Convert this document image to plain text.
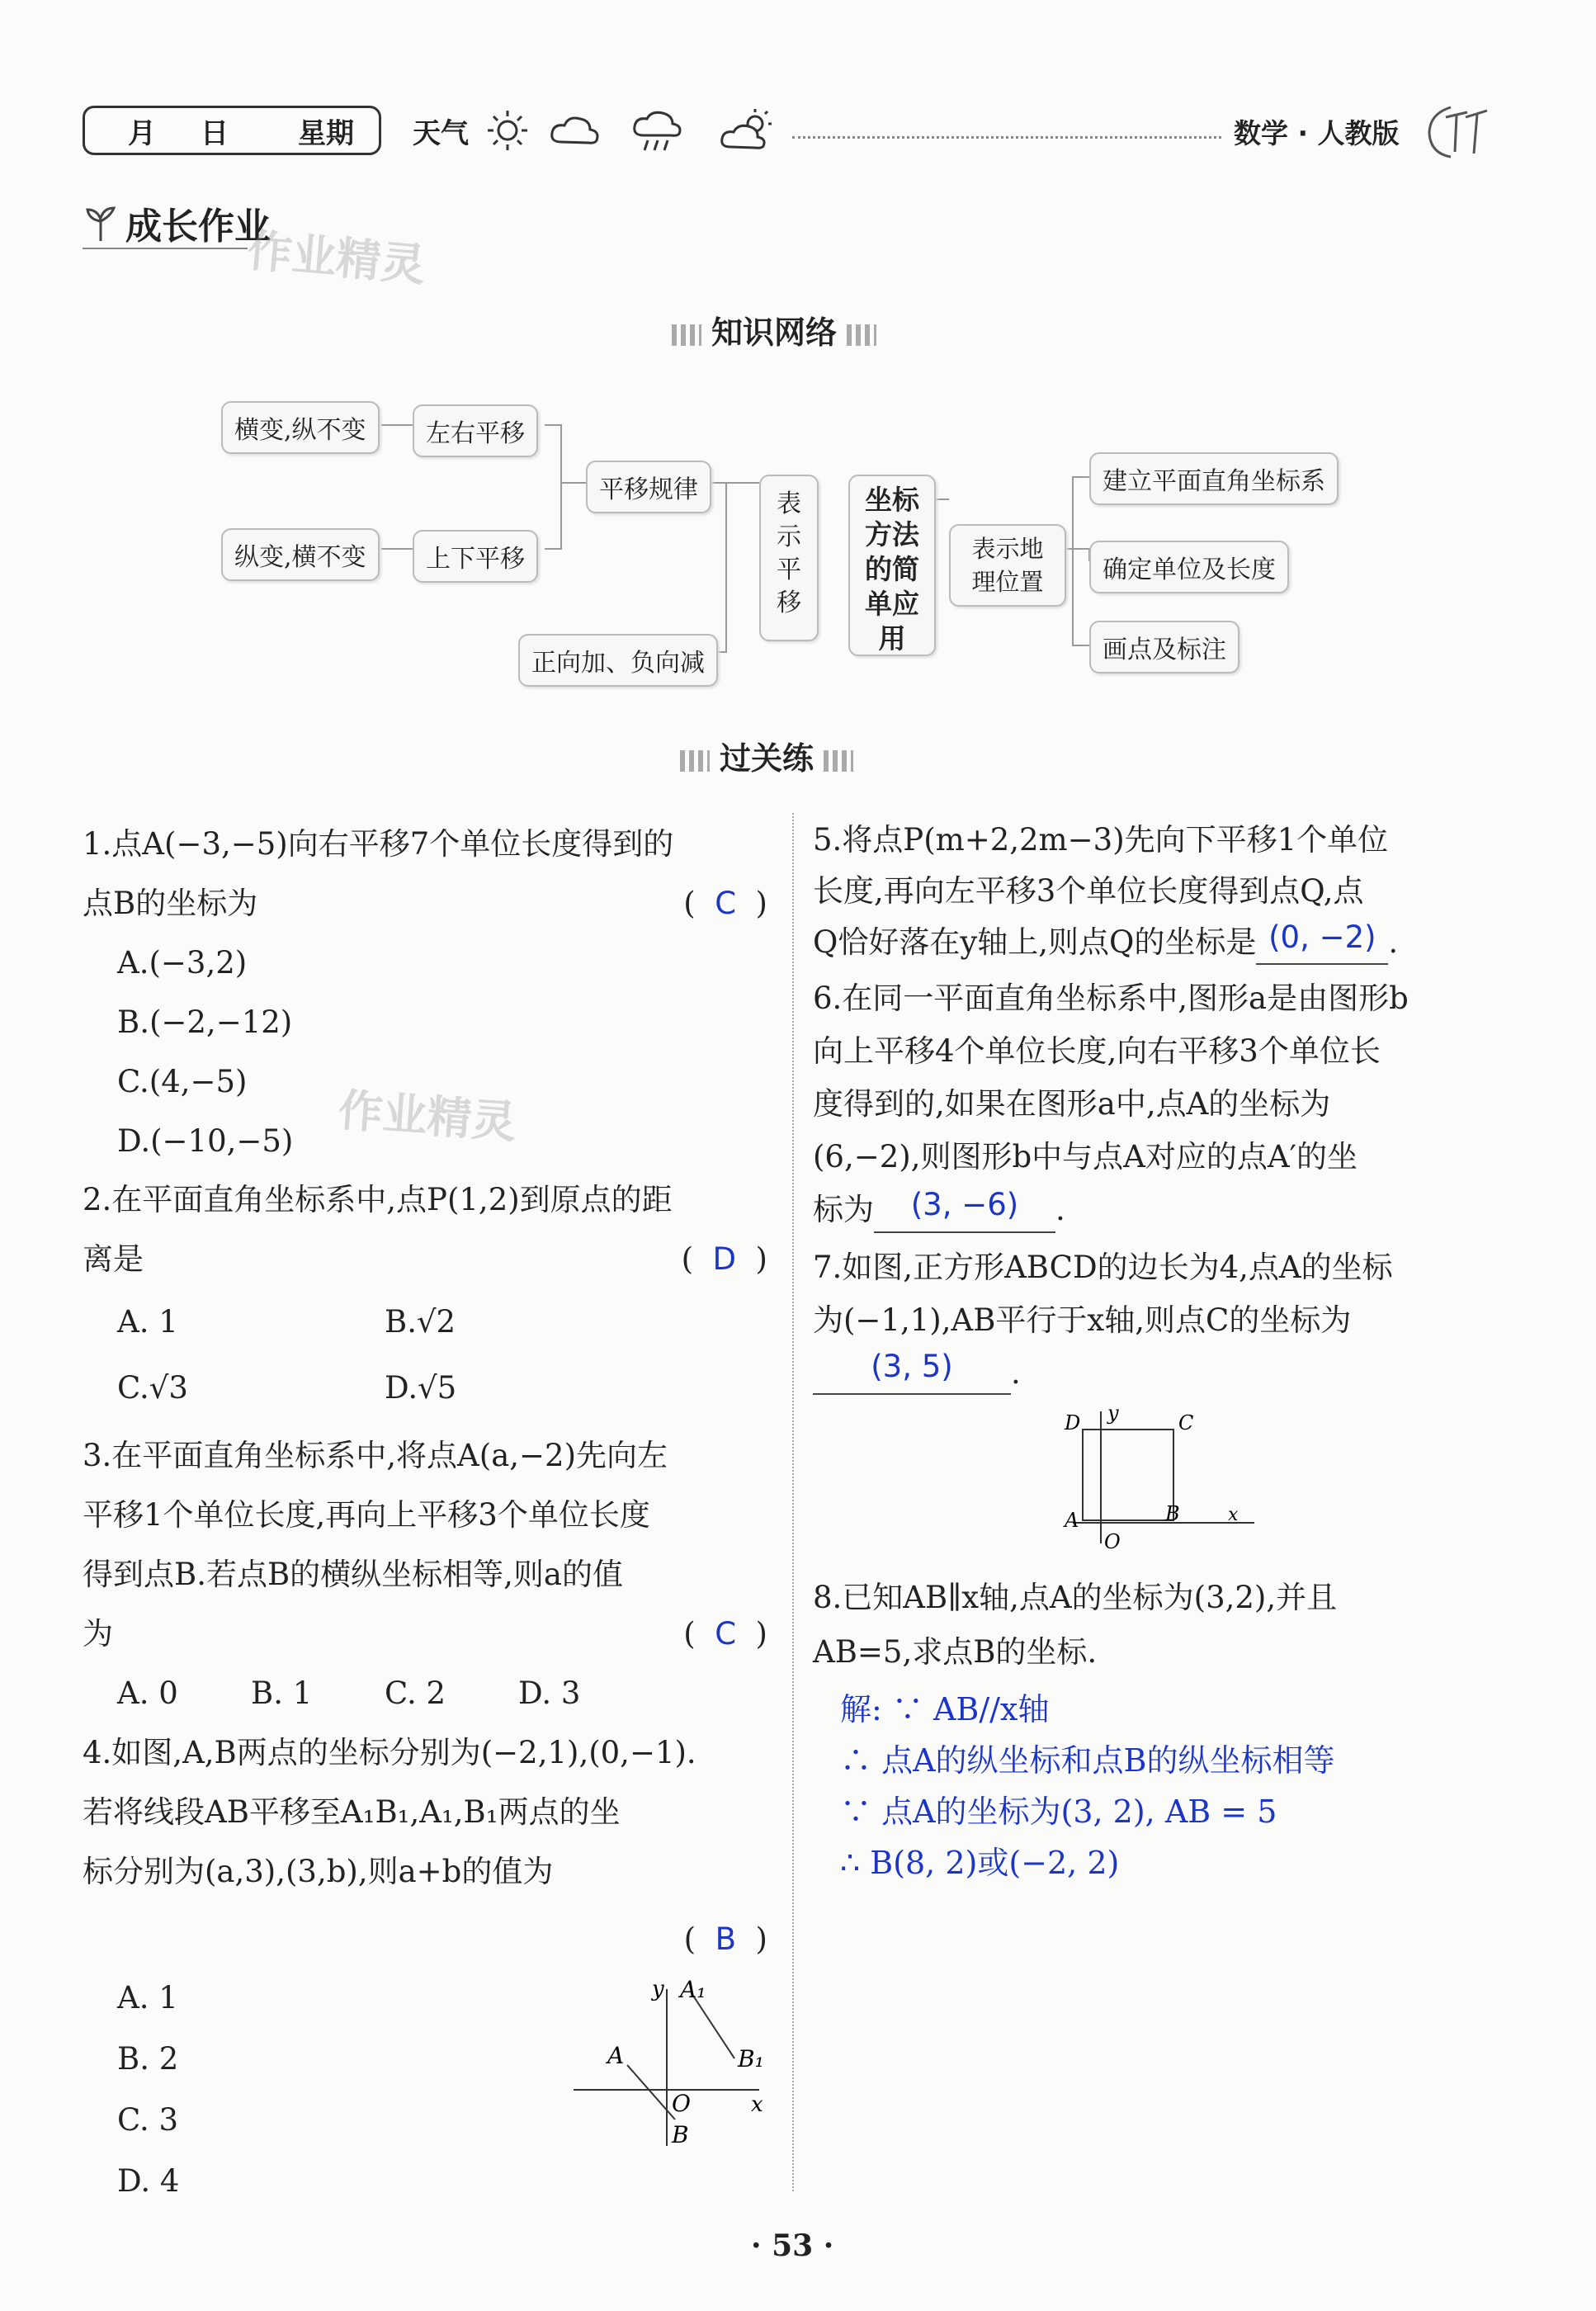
月 日 星期 天气	数学 · 人教版
成长作业
作业精灵
知识网络
横变,纵不变	左右平移
纵变,横不变	上下平移
平移规律
正向加、负向减
表示平移
坐标方法的简单应用
表示地理位置
建立平面直角坐标系
确定单位及长度
画点及标注
过关练
1.点A(−3,−5)向右平移7个单位长度得到的
点B的坐标为	(  C  )
A.(−3,2)
B.(−2,−12)
C.(4,−5)
D.(−10,−5) 作业精灵
2.在平面直角坐标系中,点P(1,2)到原点的距
离是	(  D  )
A. 1	B.√2
C.√3	D.√5
3.在平面直角坐标系中,将点A(a,−2)先向左
平移1个单位长度,再向上平移3个单位长度
得到点B.若点B的横纵坐标相等,则a的值
为	(  C  )
A. 0	B. 1	C. 2	D. 3
4.如图,A,B两点的坐标分别为(−2,1),(0,−1).
若将线段AB平移至A₁B₁,A₁,B₁两点的坐
标分别为(a,3),(3,b),则a+b的值为
(  B  )
A. 1
B. 2
C. 3
D. 4
y A₁
A	B₁
O	x
B
5.将点P(m+2,2m−3)先向下平移1个单位
长度,再向左平移3个单位长度得到点Q,点
Q恰好落在y轴上,则点Q的坐标是 (0, −2) .
6.在同一平面直角坐标系中,图形a是由图形b
向上平移4个单位长度,向右平移3个单位长
度得到的,如果在图形a中,点A的坐标为
(6,−2),则图形b中与点A对应的点A′的坐
标为 (3, −6) .
7.如图,正方形ABCD的边长为4,点A的坐标
为(−1,1),AB平行于x轴,则点C的坐标为
(3, 5) .
D y	C
A	B	x
O
8.已知AB∥x轴,点A的坐标为(3,2),并且
AB=5,求点B的坐标.
解: ∵ AB//x轴
∴ 点A的纵坐标和点B的纵坐标相等
∵ 点A的坐标为(3, 2), AB = 5
∴ B(8, 2)或(−2, 2)
· 53 ·
